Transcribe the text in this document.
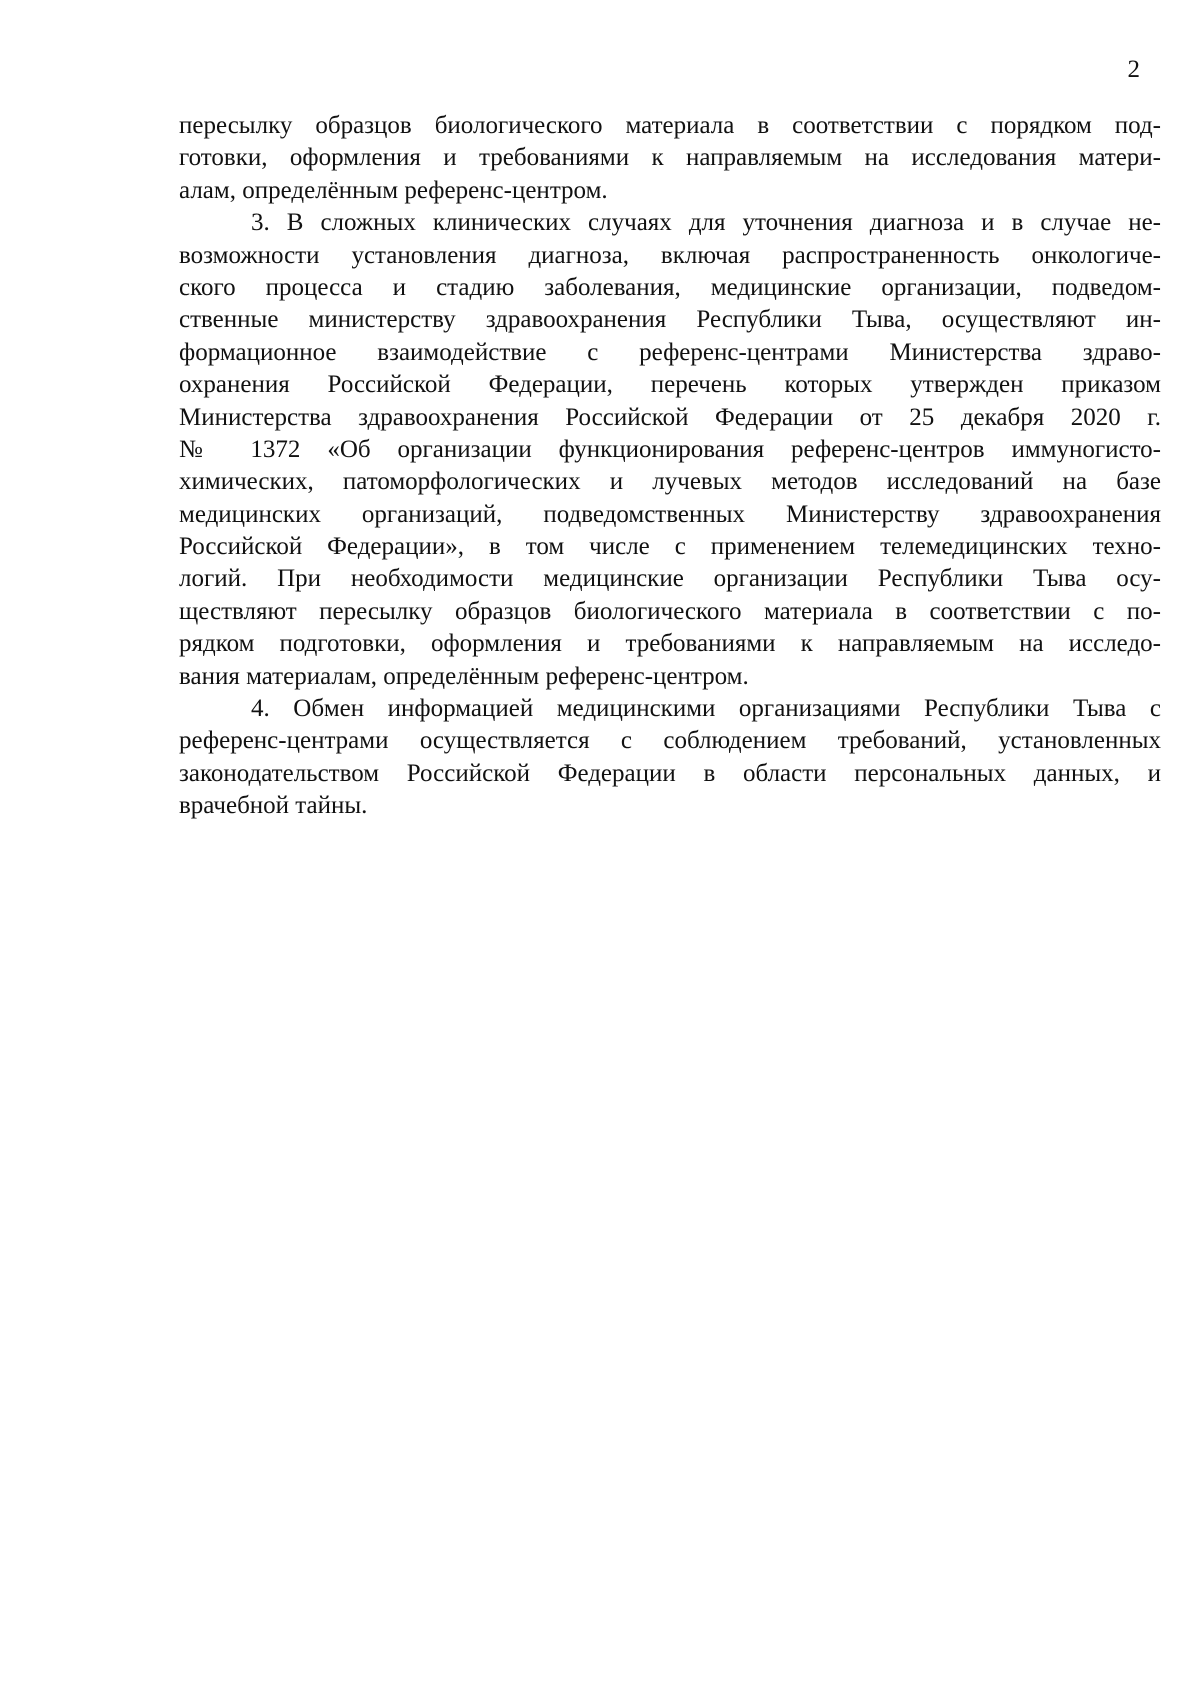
2
пересылку образцов биологического материала в соответствии с порядком под-
готовки, оформления и требованиями к направляемым на исследования матери-
алам, определённым референс-центром.
3. В сложных клинических случаях для уточнения диагноза и в случае не-
возможности установления диагноза, включая распространенность онкологиче-
ского процесса и стадию заболевания, медицинские организации, подведом-
ственные министерству здравоохранения Республики Тыва, осуществляют ин-
формационное взаимодействие с референс-центрами Министерства здраво-
охранения Российской Федерации, перечень которых утвержден приказом
Министерства здравоохранения Российской Федерации от 25 декабря 2020 г.
№ 1372 «Об организации функционирования референс-центров иммуногисто-
химических, патоморфологических и лучевых методов исследований на базе
медицинских организаций, подведомственных Министерству здравоохранения
Российской Федерации», в том числе с применением телемедицинских техно-
логий. При необходимости медицинские организации Республики Тыва осу-
ществляют пересылку образцов биологического материала в соответствии с по-
рядком подготовки, оформления и требованиями к направляемым на исследо-
вания материалам, определённым референс-центром.
4. Обмен информацией медицинскими организациями Республики Тыва с
референс-центрами осуществляется с соблюдением требований, установленных
законодательством Российской Федерации в области персональных данных, и
врачебной тайны.
